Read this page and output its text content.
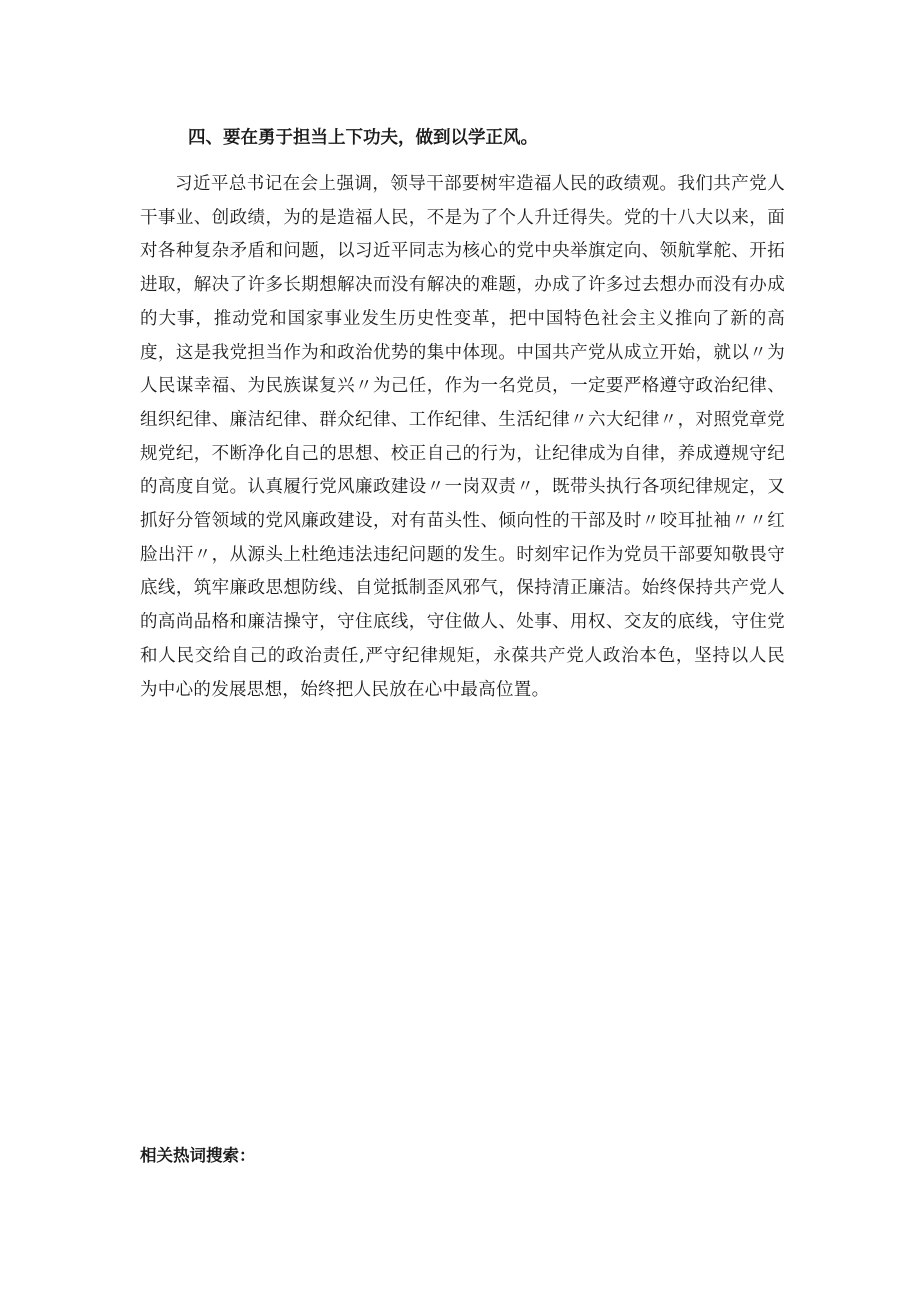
四、要在勇于担当上下功夫，做到以学正风。

习近平总书记在会上强调，领导干部要树牢造福人民的政绩观。我们共产党人干事业、创政绩，为的是造福人民，不是为了个人升迁得失。党的十八大以来，面对各种复杂矛盾和问题，以习近平同志为核心的党中央举旗定向、领航掌舵、开拓进取，解决了许多长期想解决而没有解决的难题，办成了许多过去想办而没有办成的大事，推动党和国家事业发生历史性变革，把中国特色社会主义推向了新的高度，这是我党担当作为和政治优势的集中体现。中国共产党从成立开始，就以〃为人民谋幸福、为民族谋复兴〃为己任，作为一名党员，一定要严格遵守政治纪律、组织纪律、廉洁纪律、群众纪律、工作纪律、生活纪律〃六大纪律〃，对照党章党规党纪，不断净化自己的思想、校正自己的行为，让纪律成为自律，养成遵规守纪的高度自觉。认真履行党风廉政建设〃一岗双责〃，既带头执行各项纪律规定，又抓好分管领域的党风廉政建设，对有苗头性、倾向性的干部及时〃咬耳扯袖〃〃红脸出汗〃，从源头上杜绝违法违纪问题的发生。时刻牢记作为党员干部要知敬畏守底线，筑牢廉政思想防线、自觉抵制歪风邪气，保持清正廉洁。始终保持共产党人的高尚品格和廉洁操守，守住底线，守住做人、处事、用权、交友的底线，守住党和人民交给自己的政治责任,严守纪律规矩，永葆共产党人政治本色，坚持以人民为中心的发展思想，始终把人民放在心中最高位置。

相关热词搜索：
